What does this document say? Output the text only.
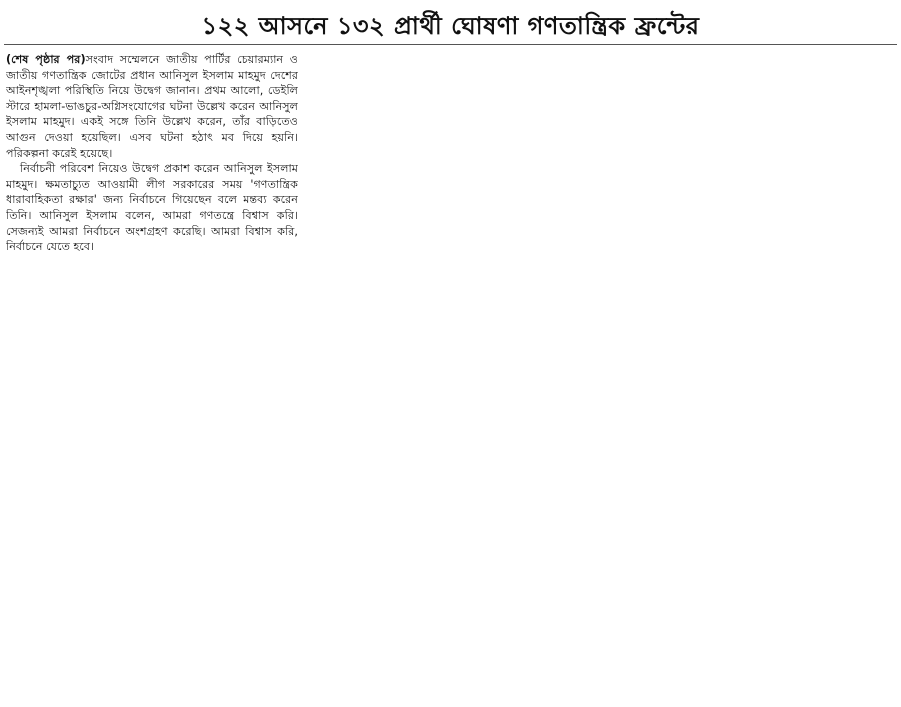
১২২ আসনে ১৩২ প্রার্থী ঘোষণা গণতান্ত্রিক ফ্রন্টের

(শেষ পৃষ্ঠার পর)সংবাদ সম্মেলনে জাতীয় পার্টির চেয়ারম্যান ও জাতীয় গণতান্ত্রিক জোটের প্রধান আনিসুল ইসলাম মাহমুদ দেশের আইনশৃঙ্খলা পরিস্থিতি নিয়ে উদ্বেগ জানান। প্রথম আলো, ডেইলি স্টারে হামলা-ভাঙচুর-অগ্নিসংযোগের ঘটনা উল্লেখ করেন আনিসুল ইসলাম মাহমুদ। একই সঙ্গে তিনি উল্লেখ করেন, তাঁর বাড়িতেও আগুন দেওয়া হয়েছিল। এসব ঘটনা হঠাৎ মব দিয়ে হয়নি। পরিকল্পনা করেই হয়েছে।

নির্বাচনী পরিবেশ নিয়েও উদ্বেগ প্রকাশ করেন আনিসুল ইসলাম মাহমুদ। ক্ষমতাচ্যুত আওয়ামী লীগ সরকারের সময় 'গণতান্ত্রিক ধারাবাহিকতা রক্ষার' জন্য নির্বাচনে গিয়েছেন বলে মন্তব্য করেন তিনি। আনিসুল ইসলাম বলেন, আমরা গণতন্ত্রে বিশ্বাস করি। সেজন্যই আমরা নির্বাচনে অংশগ্রহণ করেছি। আমরা বিশ্বাস করি, নির্বাচনে যেতে হবে।
